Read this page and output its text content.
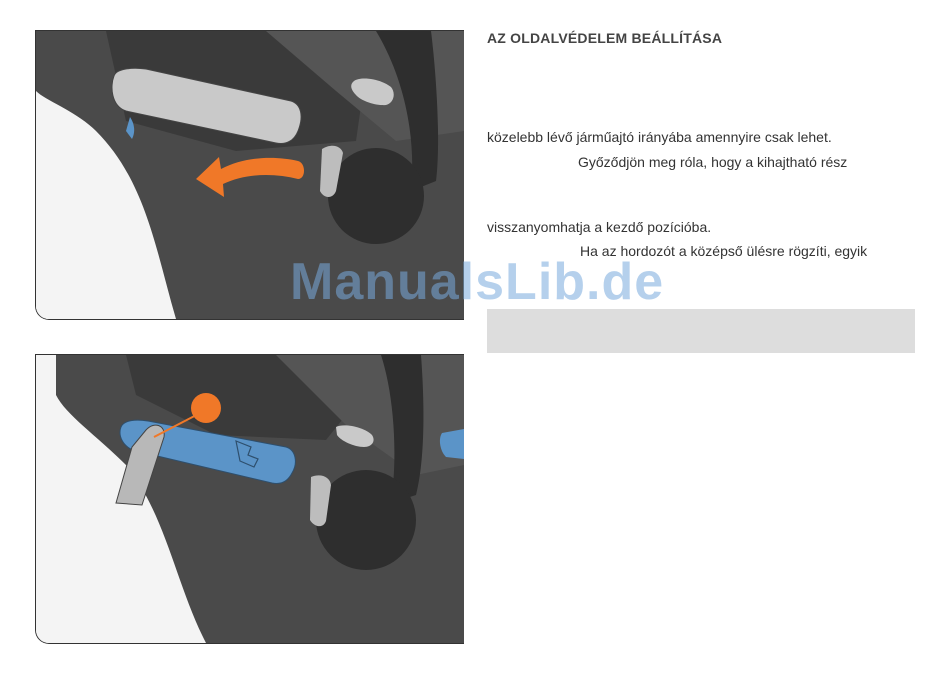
AZ OLDALVÉDELEM BEÁLLÍTÁSA
közelebb lévő járműajtó irányába amennyire csak lehet.
Győződjön meg róla, hogy a kihajtható rész
visszanyomhatja a kezdő pozícióba.
Ha az hordozót a középső ülésre rögzíti, egyik
ManualsLib.de
